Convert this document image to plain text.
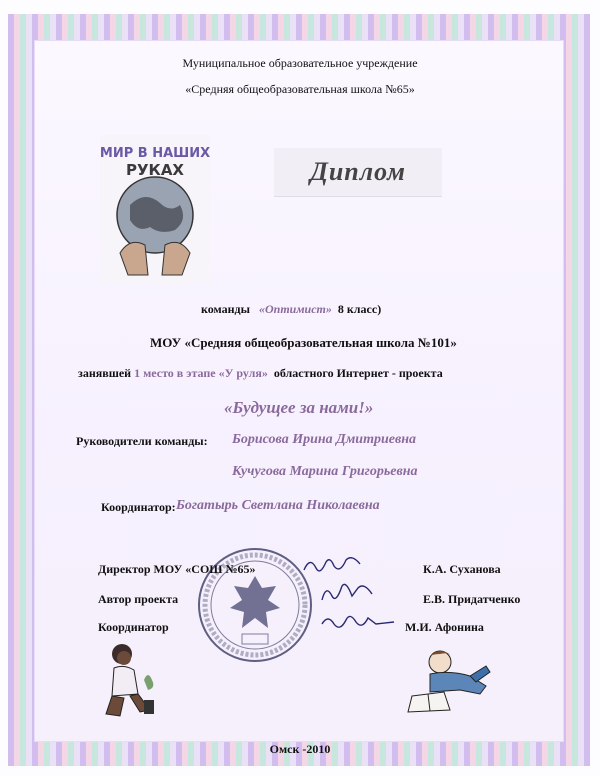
Муниципальное образовательное учреждение
«Средняя общеобразовательная школа №65»
МИР В НАШИХ
РУКАХ	Диплом
команды «Оптимист» 8 класс)
МОУ «Средняя общеобразовательная школа №101»
занявшей 1 место в этапе «У руля» областного Интернет - проекта
«Будущее за нами!»
Руководители команды: Борисова Ирина Дмитриевна
Кучугова Марина Григорьевна
Координатор: Богатырь Светлана Николаевна
Директор МОУ «СОШ №65»	К.А. Суханова
Автор проекта	Е.В. Придатченко
Координатор	М.И. Афонина
Омск -2010
